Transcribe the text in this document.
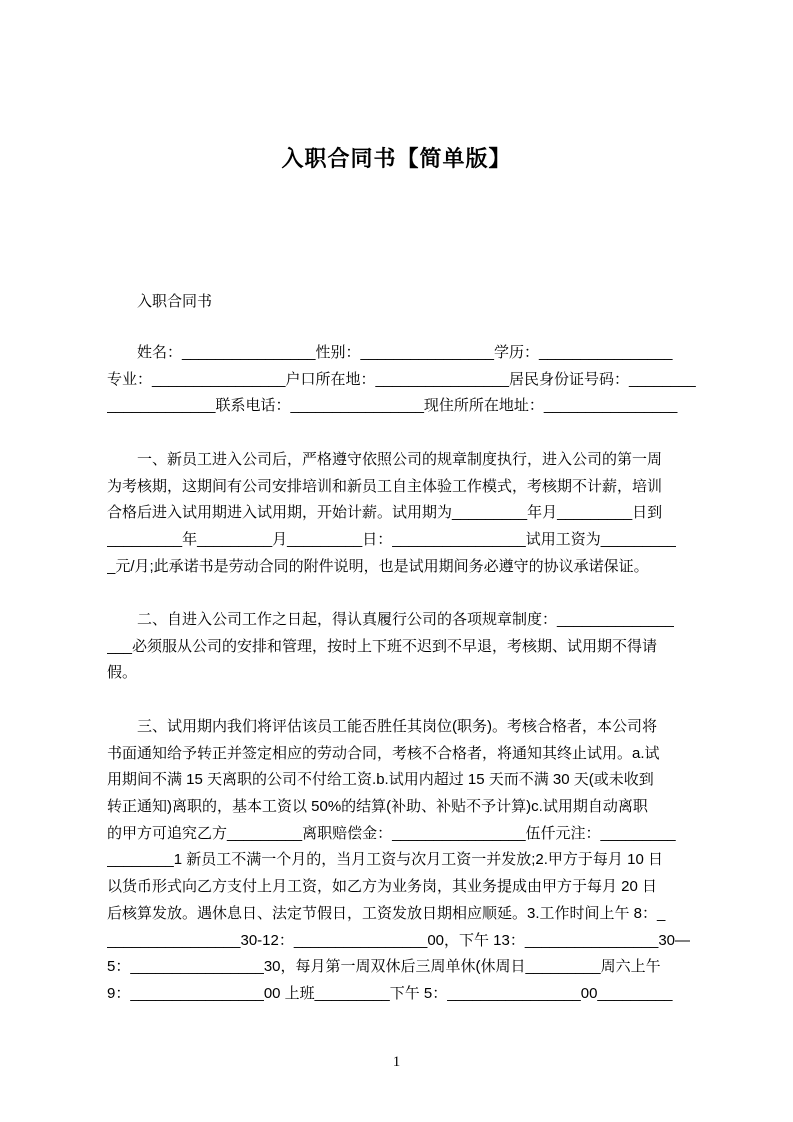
入职合同书【简单版】
入职合同书
　　姓名：________________性别：________________学历：________________
专业：________________户口所在地：________________居民身份证号码：________
_____________联系电话：________________现住所所在地址：________________
　　一、新员工进入公司后，严格遵守依照公司的规章制度执行，进入公司的第一周
为考核期，这期间有公司安排培训和新员工自主体验工作模式，考核期不计薪，培训
合格后进入试用期进入试用期，开始计薪。试用期为_________年月_________日到
_________年_________月_________日：________________试用工资为_________
_元/月;此承诺书是劳动合同的附件说明，也是试用期间务必遵守的协议承诺保证。
　　二、自进入公司工作之日起，得认真履行公司的各项规章制度：______________
___必须服从公司的安排和管理，按时上下班不迟到不早退，考核期、试用期不得请
假。
　　三、试用期内我们将评估该员工能否胜任其岗位(职务)。考核合格者，本公司将
书面通知给予转正并签定相应的劳动合同，考核不合格者，将通知其终止试用。a.试
用期间不满 15 天离职的公司不付给工资.b.试用内超过 15 天而不满 30 天(或未收到
转正通知)离职的，基本工资以 50%的结算(补助、补贴不予计算)c.试用期自动离职
的甲方可追究乙方_________离职赔偿金：________________伍仟元注：_________
________1 新员工不满一个月的，当月工资与次月工资一并发放;2.甲方于每月 10 日
以货币形式向乙方支付上月工资，如乙方为业务岗，其业务提成由甲方于每月 20 日
后核算发放。遇休息日、法定节假日，工资发放日期相应顺延。3.工作时间上午 8：_
________________30-12：________________00，下午 13：________________30—
5：________________30，每月第一周双休后三周单休(休周日_________周六上午
9：________________00 上班_________下午 5：________________00_________
1
